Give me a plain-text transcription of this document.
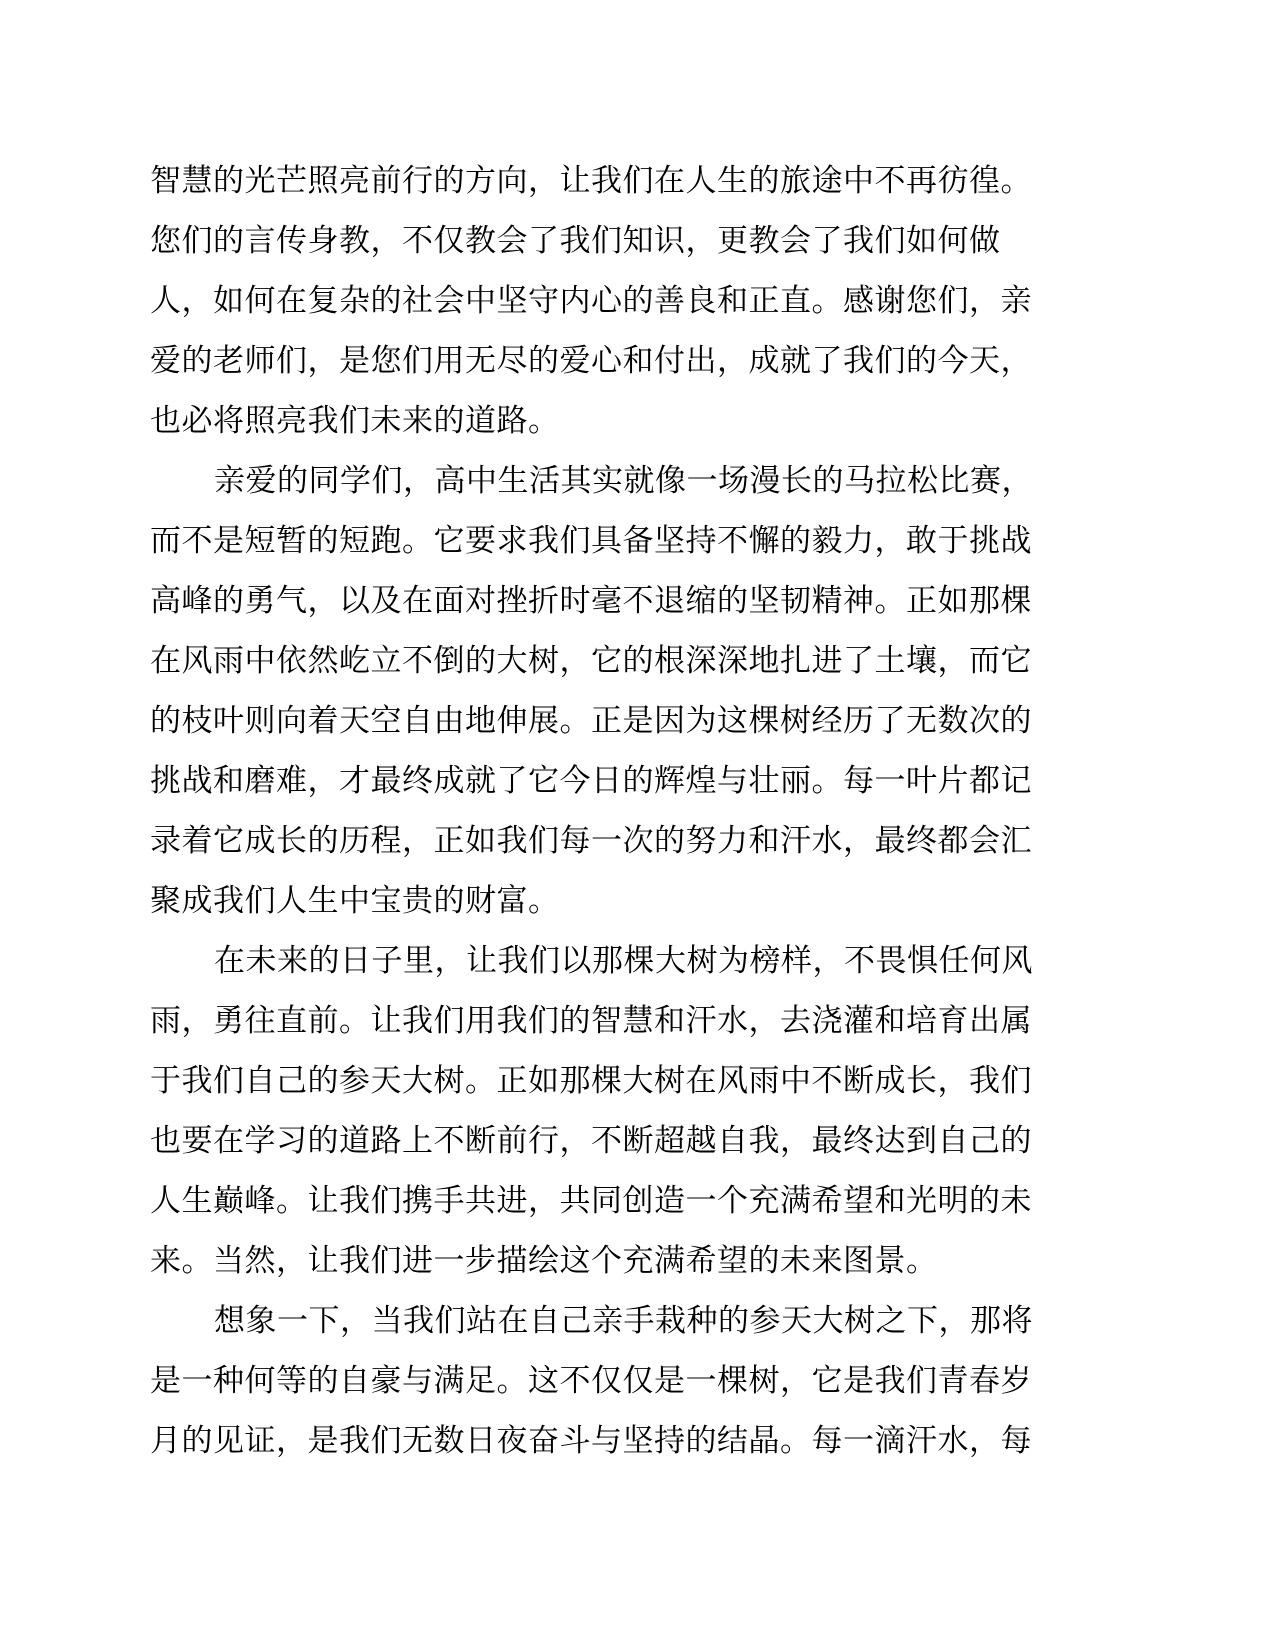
智慧的光芒照亮前行的方向，让我们在人生的旅途中不再彷徨。

您们的言传身教，不仅教会了我们知识，更教会了我们如何做

人，如何在复杂的社会中坚守内心的善良和正直。感谢您们，亲

爱的老师们，是您们用无尽的爱心和付出，成就了我们的今天，

也必将照亮我们未来的道路。

亲爱的同学们，高中生活其实就像一场漫长的马拉松比赛，

而不是短暂的短跑。它要求我们具备坚持不懈的毅力，敢于挑战

高峰的勇气，以及在面对挫折时毫不退缩的坚韧精神。正如那棵

在风雨中依然屹立不倒的大树，它的根深深地扎进了土壤，而它

的枝叶则向着天空自由地伸展。正是因为这棵树经历了无数次的

挑战和磨难，才最终成就了它今日的辉煌与壮丽。每一叶片都记

录着它成长的历程，正如我们每一次的努力和汗水，最终都会汇

聚成我们人生中宝贵的财富。

在未来的日子里，让我们以那棵大树为榜样，不畏惧任何风

雨，勇往直前。让我们用我们的智慧和汗水，去浇灌和培育出属

于我们自己的参天大树。正如那棵大树在风雨中不断成长，我们

也要在学习的道路上不断前行，不断超越自我，最终达到自己的

人生巅峰。让我们携手共进，共同创造一个充满希望和光明的未

来。当然，让我们进一步描绘这个充满希望的未来图景。

想象一下，当我们站在自己亲手栽种的参天大树之下，那将

是一种何等的自豪与满足。这不仅仅是一棵树，它是我们青春岁

月的见证，是我们无数日夜奋斗与坚持的结晶。每一滴汗水，每
